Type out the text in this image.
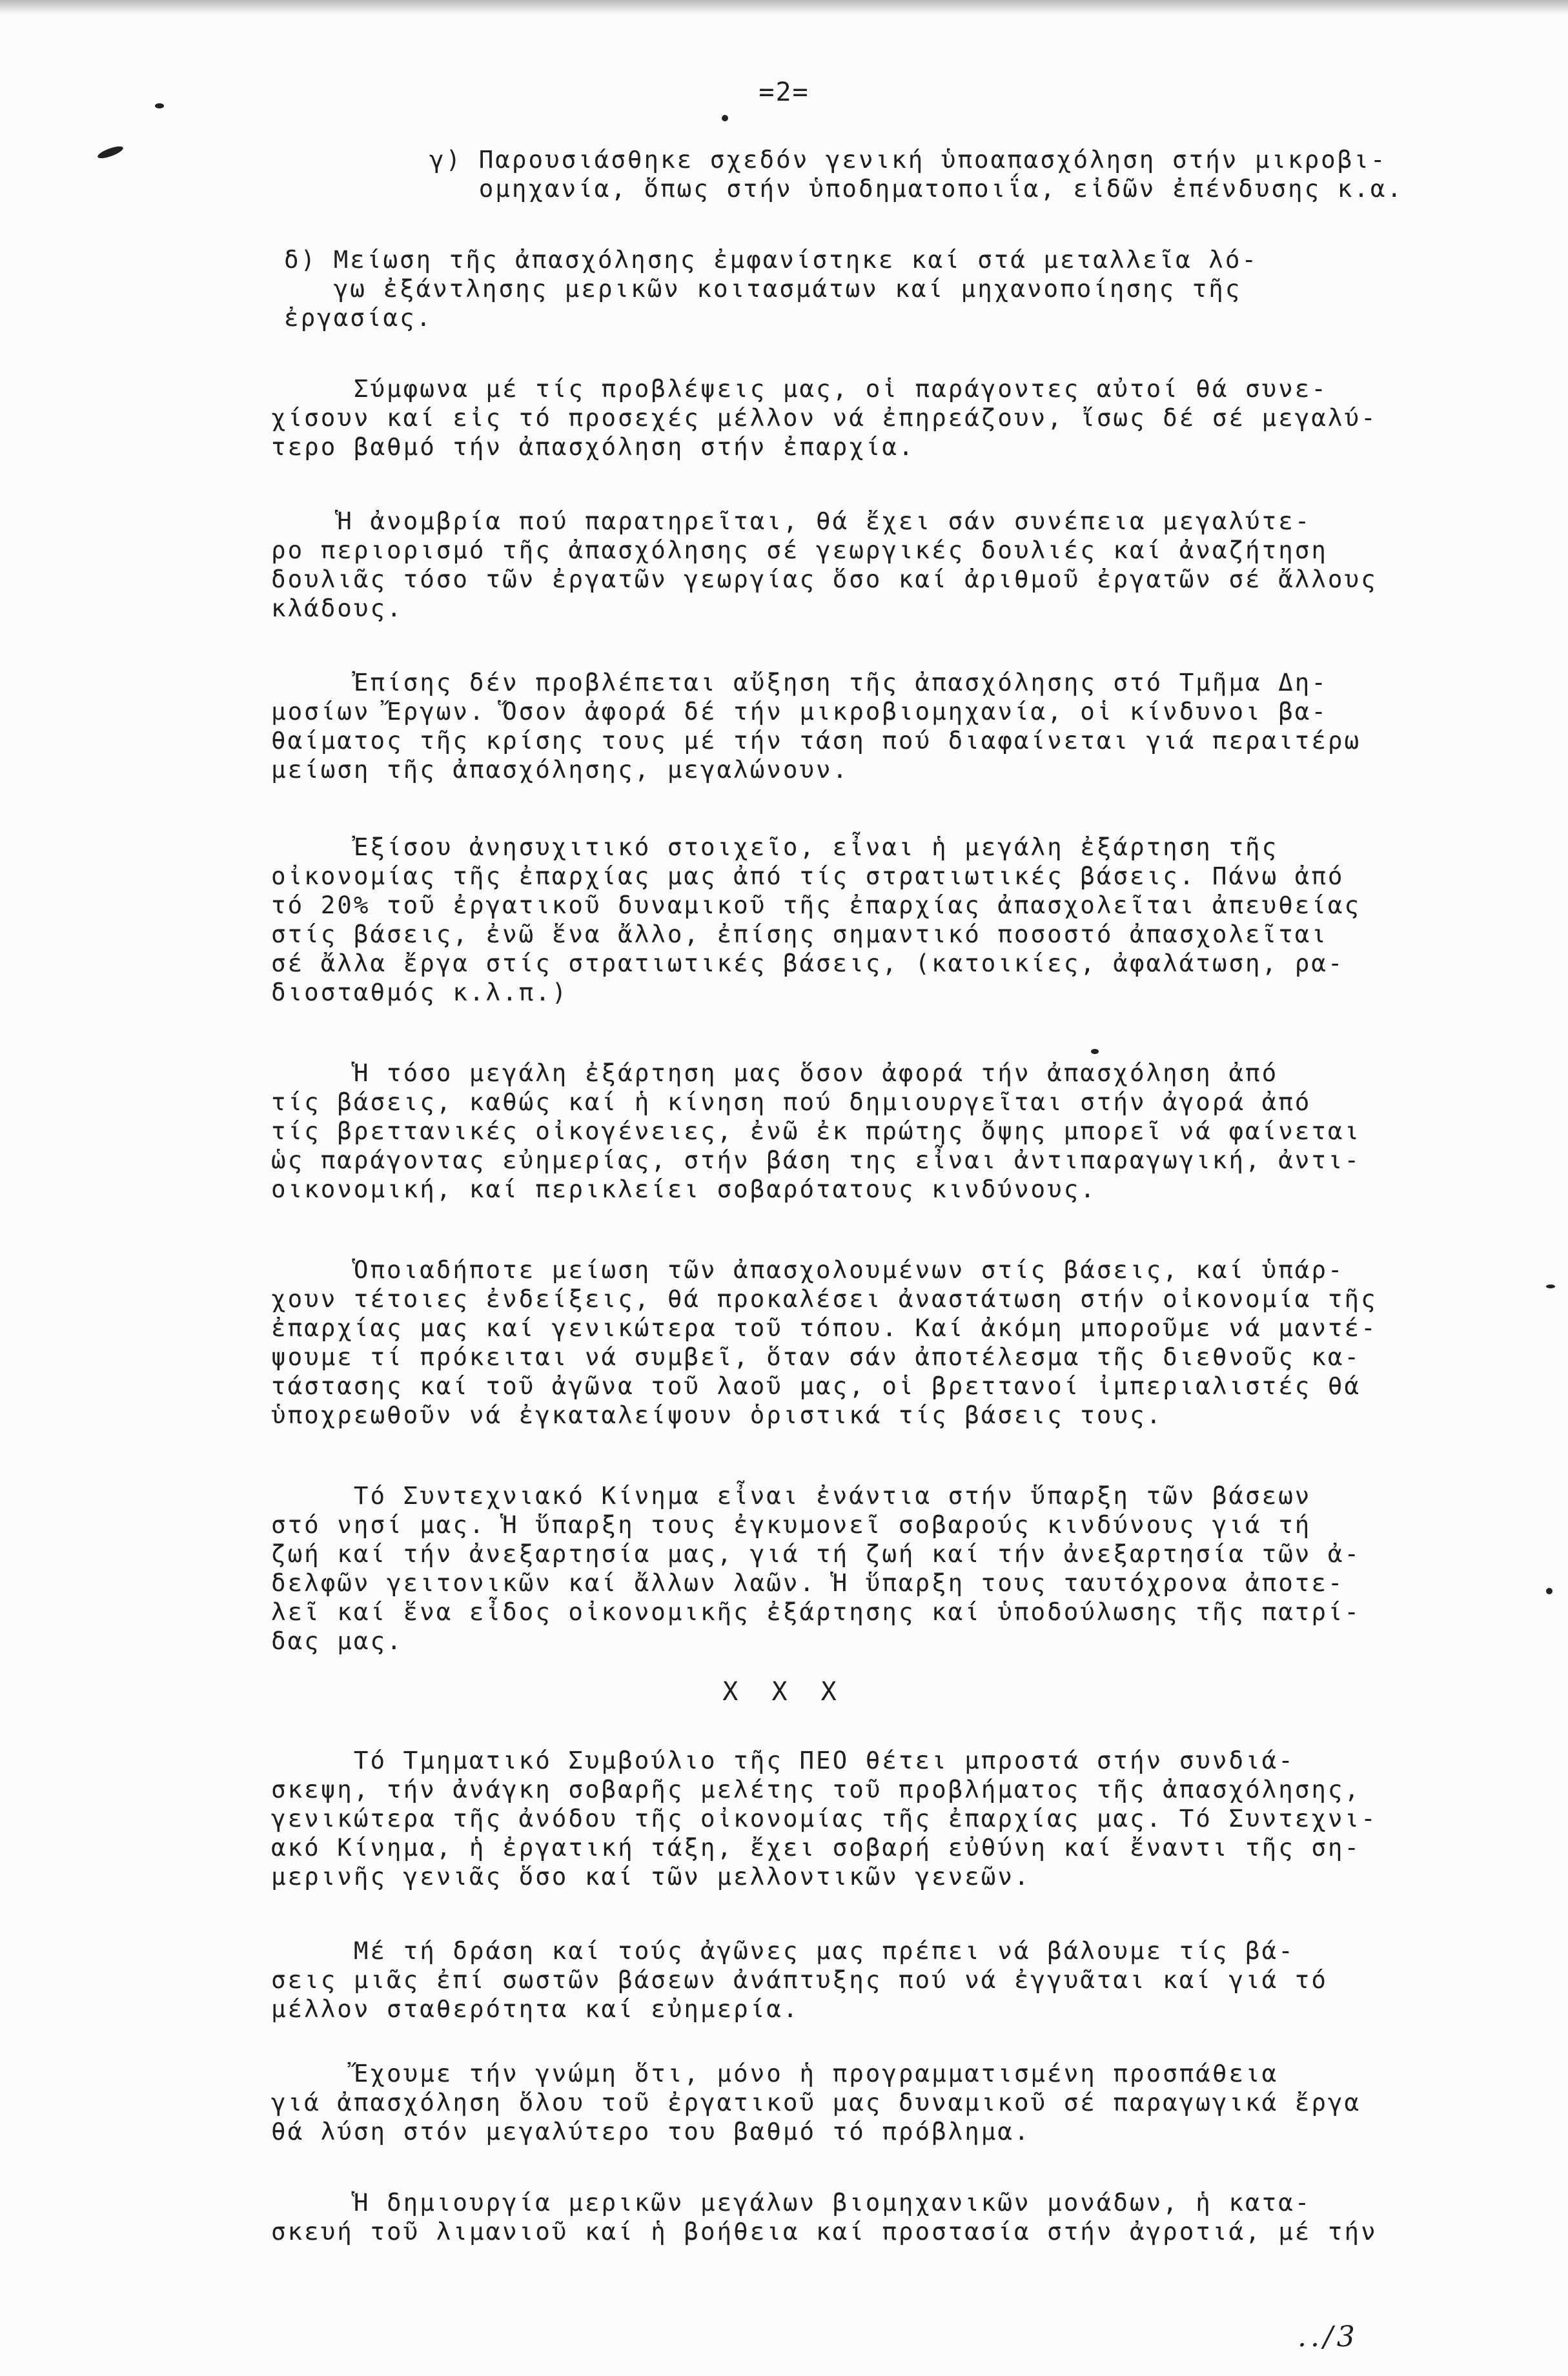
=2=
γ) Παρουσιάσθηκε σχεδόν γενική ὑποαπασχόληση στήν μικροβι-
ομηχανία, ὅπως στήν ὑποδηματοποιΐα, εἰδῶν ἐπένδυσης κ.α.
δ) Μείωση τῆς ἀπασχόλησης ἐμφανίστηκε καί στά μεταλλεῖα λό-
γω ἐξάντλησης μερικῶν κοιτασμάτων καί μηχανοποίησης τῆς
ἐργασίας.
Σύμφωνα μέ τίς προβλέψεις μας, οἱ παράγοντες αὐτοί θά συνε-
χίσουν καί εἰς τό προσεχές μέλλον νά ἐπηρεάζουν, ἴσως δέ σέ μεγαλύ-
τερο βαθμό τήν ἀπασχόληση στήν ἐπαρχία.
Ἡ ἀνομβρία πού παρατηρεῖται, θά ἔχει σάν συνέπεια μεγαλύτε-
ρο περιορισμό τῆς ἀπασχόλησης σέ γεωργικές δουλιές καί ἀναζήτηση
δουλιᾶς τόσο τῶν ἐργατῶν γεωργίας ὅσο καί ἀριθμοῦ ἐργατῶν σέ ἄλλους
κλάδους.
Ἐπίσης δέν προβλέπεται αὔξηση τῆς ἀπασχόλησης στό Τμῆμα Δη-
μοσίων Ἔργων. Ὅσον ἀφορά δέ τήν μικροβιομηχανία, οἱ κίνδυνοι βα-
θαίματος τῆς κρίσης τους μέ τήν τάση πού διαφαίνεται γιά περαιτέρω
μείωση τῆς ἀπασχόλησης, μεγαλώνουν.
Ἐξίσου ἀνησυχιτικό στοιχεῖο, εἶναι ἡ μεγάλη ἐξάρτηση τῆς
οἰκονομίας τῆς ἐπαρχίας μας ἀπό τίς στρατιωτικές βάσεις. Πάνω ἀπό
τό 20% τοῦ ἐργατικοῦ δυναμικοῦ τῆς ἐπαρχίας ἀπασχολεῖται ἀπευθείας
στίς βάσεις, ἐνῶ ἕνα ἄλλο, ἐπίσης σημαντικό ποσοστό ἀπασχολεῖται
σέ ἄλλα ἔργα στίς στρατιωτικές βάσεις, (κατοικίες, ἀφαλάτωση, ρα-
διοσταθμός κ.λ.π.)
Ἡ τόσο μεγάλη ἐξάρτηση μας ὅσον ἀφορά τήν ἀπασχόληση ἀπό
τίς βάσεις, καθώς καί ἡ κίνηση πού δημιουργεῖται στήν ἀγορά ἀπό
τίς βρεττανικές οἰκογένειες, ἐνῶ ἐκ πρώτης ὄψης μπορεῖ νά φαίνεται
ὡς παράγοντας εὐημερίας, στήν βάση της εἶναι ἀντιπαραγωγική, ἀντι-
οικονομική, καί περικλείει σοβαρότατους κινδύνους.
Ὁποιαδήποτε μείωση τῶν ἀπασχολουμένων στίς βάσεις, καί ὑπάρ-
χουν τέτοιες ἐνδείξεις, θά προκαλέσει ἀναστάτωση στήν οἰκονομία τῆς
ἐπαρχίας μας καί γενικώτερα τοῦ τόπου. Καί ἀκόμη μποροῦμε νά μαντέ-
ψουμε τί πρόκειται νά συμβεῖ, ὅταν σάν ἀποτέλεσμα τῆς διεθνοῦς κα-
τάστασης καί τοῦ ἀγῶνα τοῦ λαοῦ μας, οἱ βρεττανοί ἰμπεριαλιστές θά
ὑποχρεωθοῦν νά ἐγκαταλείψουν ὁριστικά τίς βάσεις τους.
Τό Συντεχνιακό Κίνημα εἶναι ἐνάντια στήν ὕπαρξη τῶν βάσεων
στό νησί μας. Ἡ ὕπαρξη τους ἐγκυμονεῖ σοβαρούς κινδύνους γιά τή
ζωή καί τήν ἀνεξαρτησία μας, γιά τή ζωή καί τήν ἀνεξαρτησία τῶν ἀ-
δελφῶν γειτονικῶν καί ἄλλων λαῶν. Ἡ ὕπαρξη τους ταυτόχρονα ἀποτε-
λεῖ καί ἕνα εἶδος οἰκονομικῆς ἐξάρτησης καί ὑποδούλωσης τῆς πατρί-
δας μας.
X X X
Τό Τμηματικό Συμβούλιο τῆς ΠΕΟ θέτει μπροστά στήν συνδιά-
σκεψη, τήν ἀνάγκη σοβαρῆς μελέτης τοῦ προβλήματος τῆς ἀπασχόλησης,
γενικώτερα τῆς ἀνόδου τῆς οἰκονομίας τῆς ἐπαρχίας μας. Τό Συντεχνι-
ακό Κίνημα, ἡ ἐργατική τάξη, ἔχει σοβαρή εὐθύνη καί ἔναντι τῆς ση-
μερινῆς γενιᾶς ὅσο καί τῶν μελλοντικῶν γενεῶν.
Μέ τή δράση καί τούς ἀγῶνες μας πρέπει νά βάλουμε τίς βά-
σεις μιᾶς ἐπί σωστῶν βάσεων ἀνάπτυξης πού νά ἐγγυᾶται καί γιά τό
μέλλον σταθερότητα καί εὐημερία.
Ἔχουμε τήν γνώμη ὅτι, μόνο ἡ προγραμματισμένη προσπάθεια
γιά ἀπασχόληση ὅλου τοῦ ἐργατικοῦ μας δυναμικοῦ σέ παραγωγικά ἔργα
θά λύση στόν μεγαλύτερο του βαθμό τό πρόβλημα.
Ἡ δημιουργία μερικῶν μεγάλων βιομηχανικῶν μονάδων, ἡ κατα-
σκευή τοῦ λιμανιοῦ καί ἡ βοήθεια καί προστασία στήν ἀγροτιά, μέ τήν
../3
